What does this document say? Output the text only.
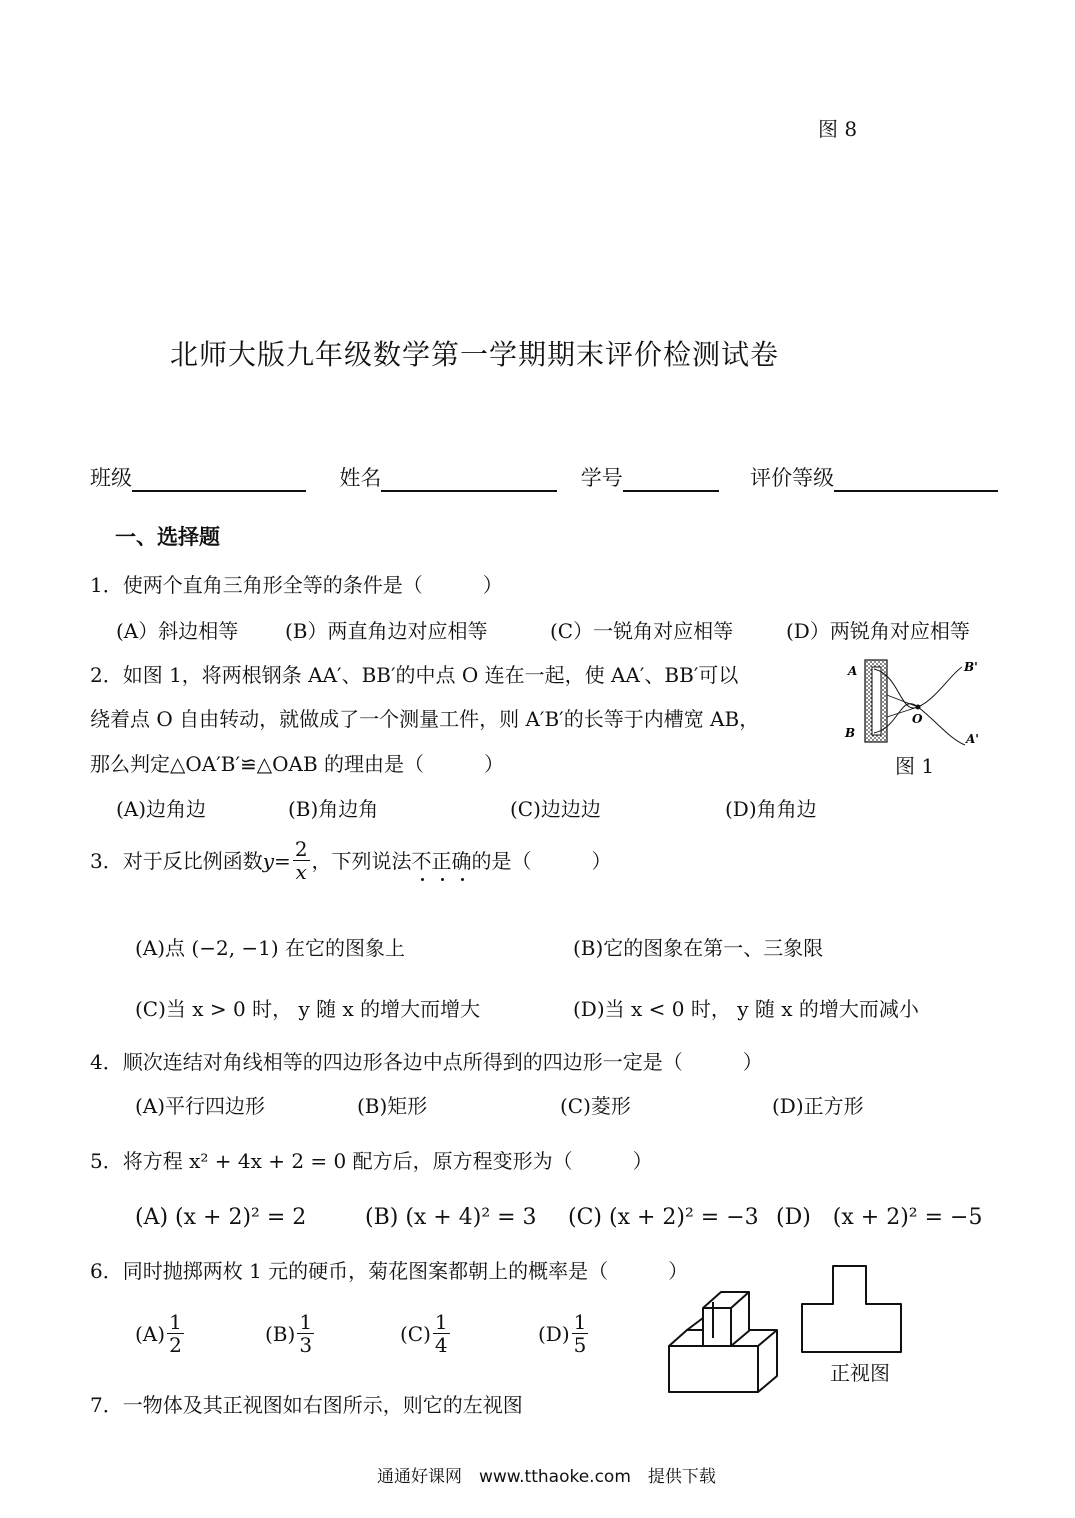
图 8
北师大版九年级数学第一学期期末评价检测试卷
班级	姓名	学号	评价等级
一、选择题
1．使两个直角三角形全等的条件是（　　　）
(A）斜边相等 (B）两直角边对应相等	(C）一锐角对应相等	(D）两锐角对应相等
2．如图 1，将两根钢条 AA′、BB′的中点 O 连在一起，使 AA′、BB′可以
绕着点 O 自由转动，就做成了一个测量工件，则 A′B′的长等于内槽宽 AB，
那么判定△OA′B′≌△OAB 的理由是（　　　）
(A)边角边	(B)角边角	(C)边边边	(D)角角边
A
B
O
B'
A'
图 1
3．对于反比例函数 $y = \frac{2}{x}$ ，下列说法 不 正 确 的是（　　　）
(A)点 (−2, −1) 在它的图象上	(B)它的图象在第一、三象限
(C)当 x > 0 时， y 随 x 的增大而增大	(D)当 x < 0 时， y 随 x 的增大而减小
4．顺次连结对角线相等的四边形各边中点所得到的四边形一定是（　　　）
(A)平行四边形	(B)矩形	(C)菱形	(D)正方形
5．将方程 x² + 4x + 2 = 0 配方后，原方程变形为（　　　）
(A) (x + 2)² = 2	(B) (x + 4)² = 3 (C) (x + 2)² = −3 (D)　(x + 2)² = −5
6．同时抛掷两枚 1 元的硬币，菊花图案都朝上的概率是（　　　）
$(A) \frac{1}{2}$	$(B) \frac{1}{3}$	$(C) \frac{1}{4}$	$(D) \frac{1}{5}$
正视图
7．一物体及其正视图如右图所示，则它的左视图
通通好课网　www.tthaoke.com　提供下载
